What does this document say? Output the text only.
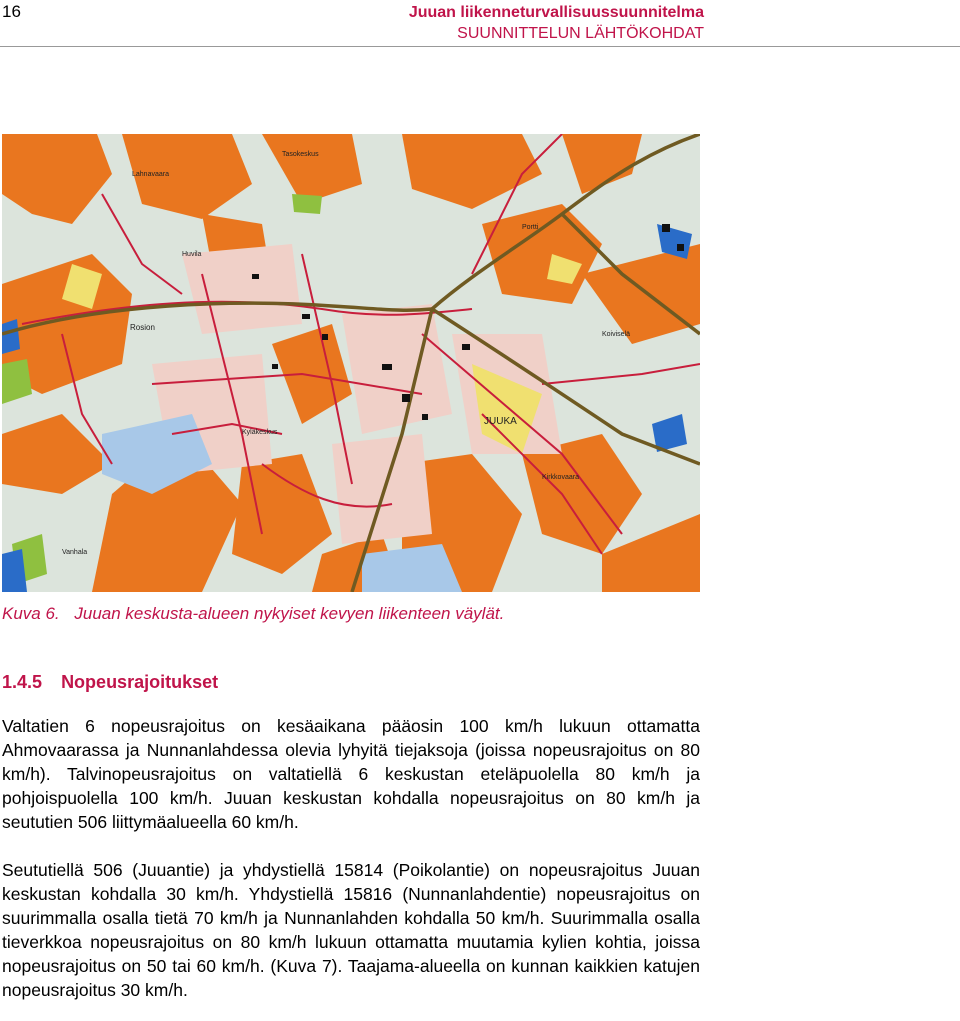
16	Juuan liikenneturvallisuussuunnitelma
SUUNNITTELUN LÄHTÖKOHDAT
Rosion
JUUKA
Tasokeskus
Lahnavaara
Koiviselä
Portti
Vanhala
Huvila
Kyläkeskus
Kirkkovaara
Kuva 6. Juuan keskusta-alueen nykyiset kevyen liikenteen väylät.
1.4.5 Nopeusrajoitukset
Valtatien 6 nopeusrajoitus on kesäaikana pääosin 100 km/h lukuun ottamatta Ahmovaarassa ja Nunnanlahdessa olevia lyhyitä tiejaksoja (joissa nopeusrajoitus on 80 km/h). Talvinopeusrajoitus on valtatiellä 6 keskustan eteläpuolella 80 km/h ja pohjoispuolella 100 km/h. Juuan keskustan kohdalla nopeusrajoitus on 80 km/h ja seututien 506 liittymäalueella 60 km/h.
Seututiellä 506 (Juuantie) ja yhdystiellä 15814 (Poikolantie) on nopeusrajoitus Juuan keskustan kohdalla 30 km/h. Yhdystiellä 15816 (Nunnanlahdentie) nopeusrajoitus on suurimmalla osalla tietä 70 km/h ja Nunnanlahden kohdalla 50 km/h. Suurimmalla osalla tieverkkoa nopeusrajoitus on 80 km/h lukuun ottamatta muutamia kylien kohtia, joissa nopeusrajoitus on 50 tai 60 km/h. (Kuva 7). Taajama-alueella on kunnan kaikkien katujen nopeusrajoitus 30 km/h.
